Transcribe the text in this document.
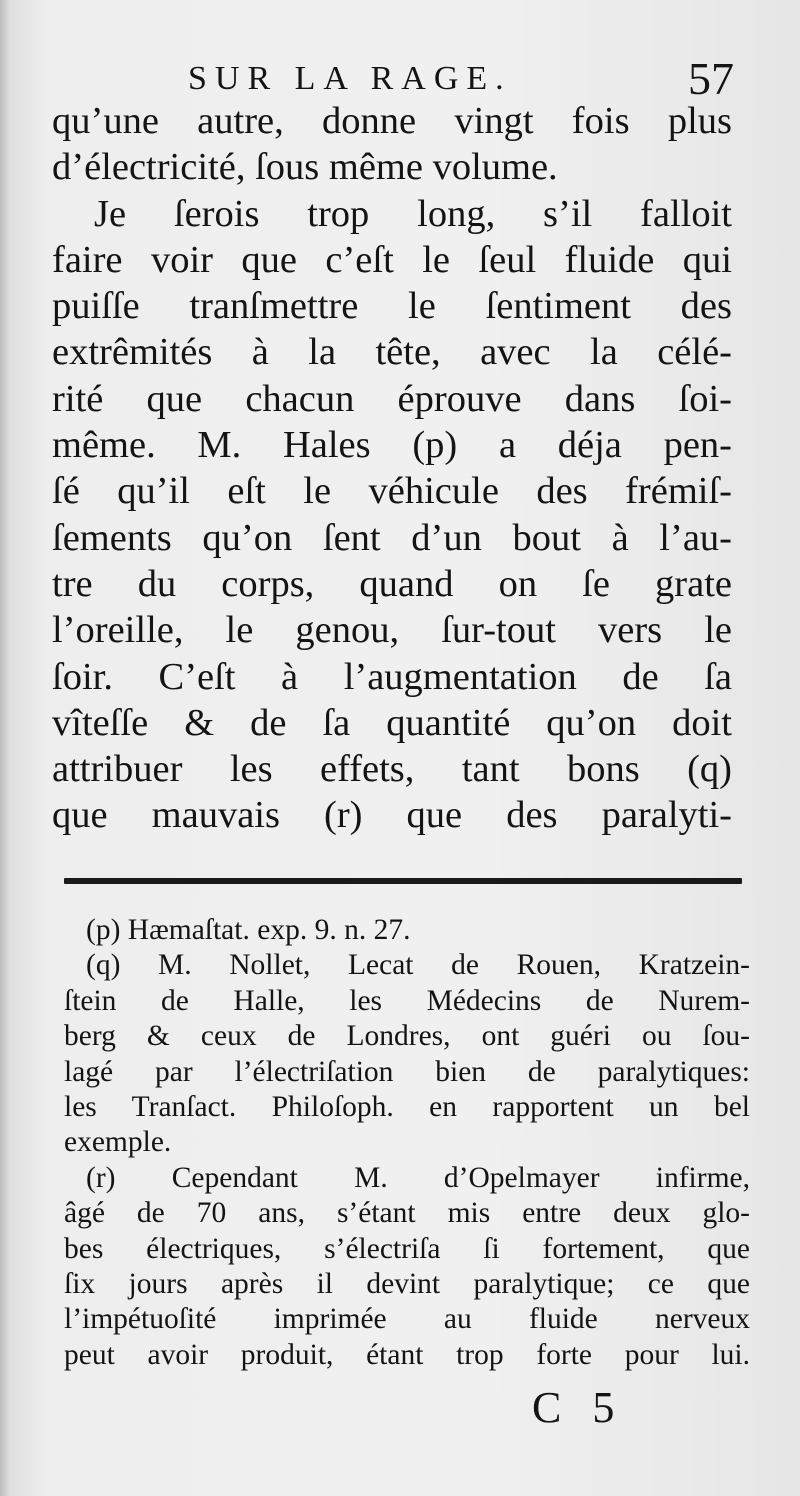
SUR LA RAGE.	57
qu’une autre, donne vingt fois plus
d’électricité, ſous même volume.
Je ſerois trop long, s’il falloit
faire voir que c’eſt le ſeul fluide qui
puiſſe tranſmettre le ſentiment des
extrêmités à la tête, avec la célé-
rité que chacun éprouve dans ſoi-
même. M. Hales (p) a déja pen-
ſé qu’il eſt le véhicule des frémiſ-
ſements qu’on ſent d’un bout à l’au-
tre du corps, quand on ſe grate
l’oreille, le genou, ſur-tout vers le
ſoir. C’eſt à l’augmentation de ſa
vîteſſe & de ſa quantité qu’on doit
attribuer les effets, tant bons (q)
que mauvais (r) que des paralyti-
(p) Hæmaſtat. exp. 9. n. 27.
(q) M. Nollet, Lecat de Rouen, Kratzein-
ſtein de Halle, les Médecins de Nurem-
berg & ceux de Londres, ont guéri ou ſou-
lagé par l’électriſation bien de paralytiques:
les Tranſact. Philoſoph. en rapportent un bel
exemple.
(r) Cependant M. d’Opelmayer infirme,
âgé de 70 ans, s’étant mis entre deux glo-
bes électriques, s’électriſa ſi fortement, que
ſix jours après il devint paralytique; ce que
l’impétuoſité imprimée au fluide nerveux
peut avoir produit, étant trop forte pour lui.
C 5
